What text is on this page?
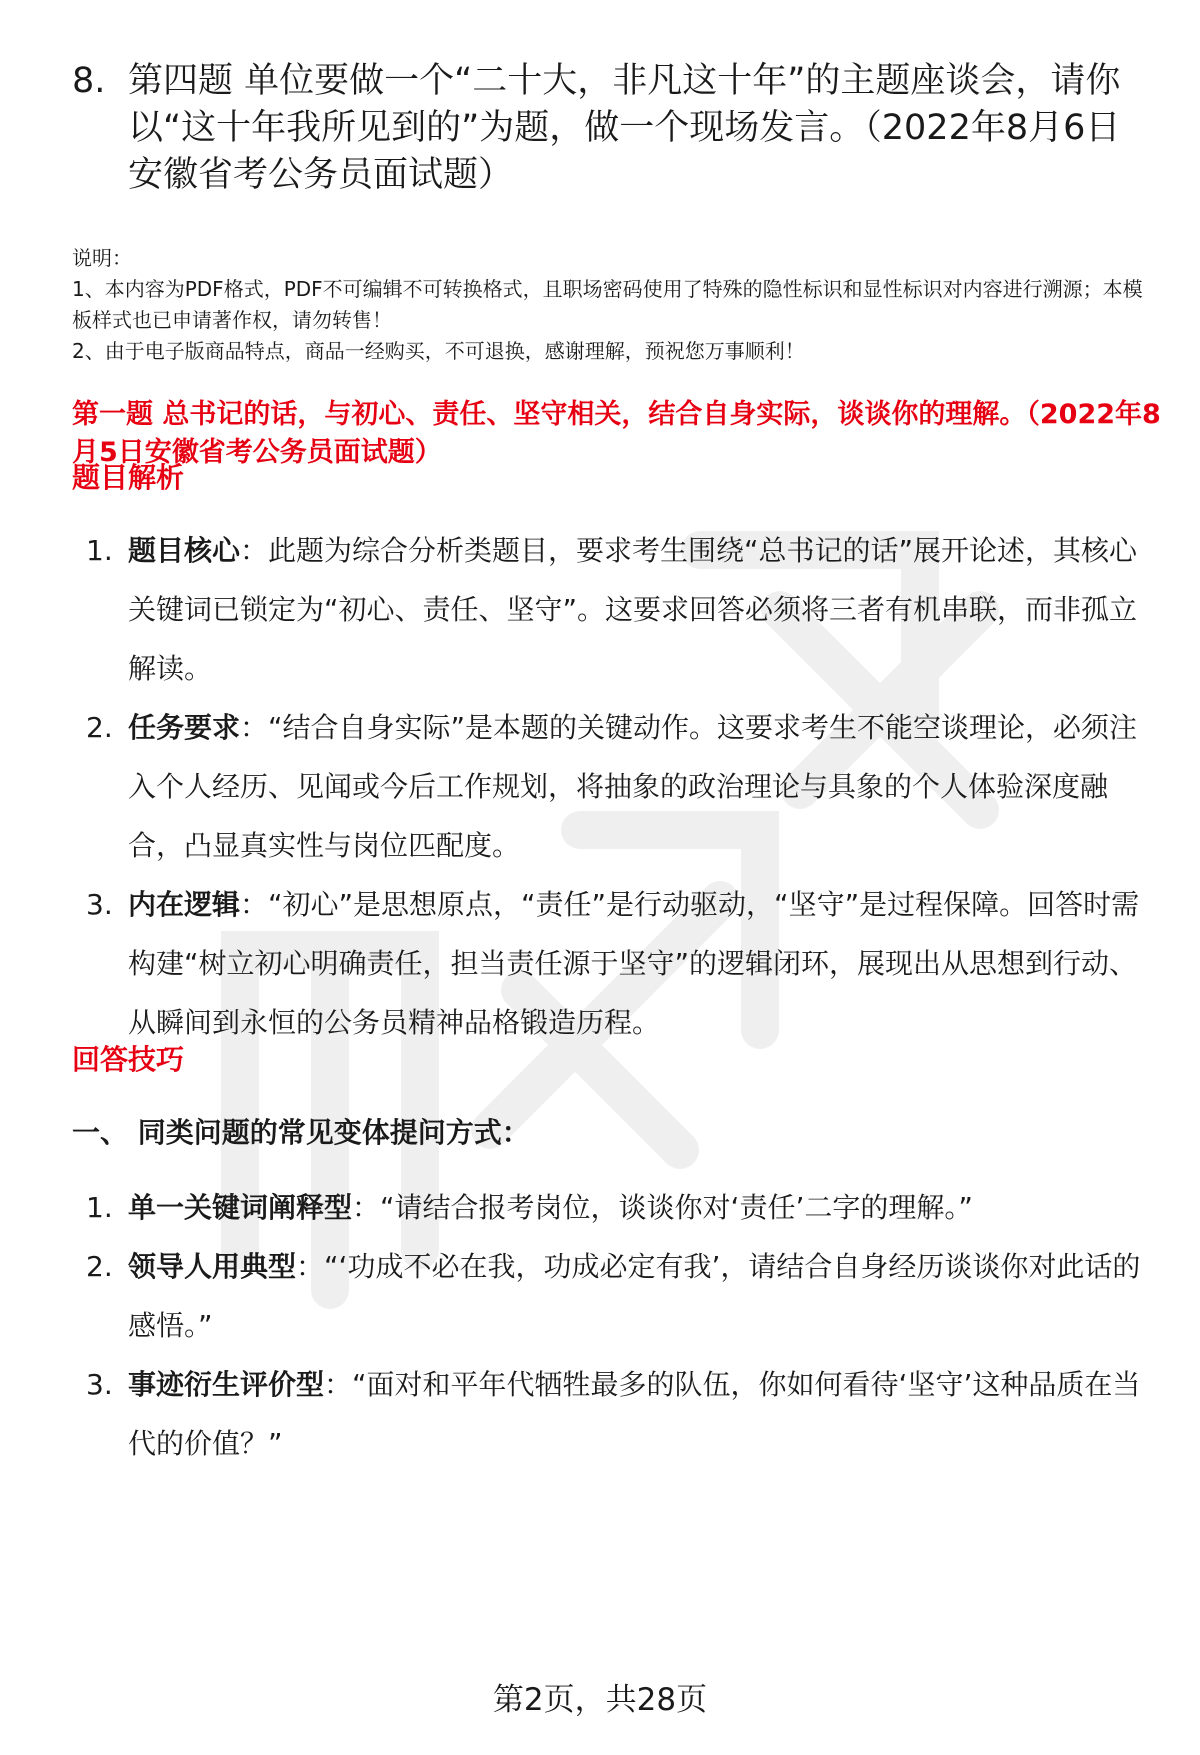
8. 第四题 单位要做一个“二十大，非凡这十年”的主题座谈会，请你以“这十年我所见到的”为题，做一个现场发言。（2022年8月6日安徽省考公务员面试题）

说明：

1、本内容为PDF格式，PDF不可编辑不可转换格式，且职场密码使用了特殊的隐性标识和显性标识对内容进行溯源；本模板样式也已申请著作权，请勿转售！

2、由于电子版商品特点，商品一经购买，不可退换，感谢理解，预祝您万事顺利！

第一题 总书记的话，与初心、责任、坚守相关，结合自身实际，谈谈你的理解。（2022年8月5日安徽省考公务员面试题）
题目解析
1. 题目核心：此题为综合分析类题目，要求考生围绕“总书记的话”展开论述，其核心关键词已锁定为“初心、责任、坚守”。这要求回答必须将三者有机串联，而非孤立解读。
2. 任务要求：“结合自身实际”是本题的关键动作。这要求考生不能空谈理论，必须注入个人经历、见闻或今后工作规划，将抽象的政治理论与具象的个人体验深度融合，凸显真实性与岗位匹配度。
3. 内在逻辑：“初心”是思想原点，“责任”是行动驱动，“坚守”是过程保障。回答时需构建“树立初心明确责任，担当责任源于坚守”的逻辑闭环，展现出从思想到行动、从瞬间到永恒的公务员精神品格锻造历程。
回答技巧
一、 同类问题的常见变体提问方式：
1. 单一关键词阐释型：“请结合报考岗位，谈谈你对‘责任’二字的理解。”
2. 领导人用典型：“‘功成不必在我，功成必定有我’，请结合自身经历谈谈你对此话的感悟。”
3. 事迹衍生评价型：“面对和平年代牺牲最多的队伍，你如何看待‘坚守’这种品质在当代的价值？”
第2页，共28页
